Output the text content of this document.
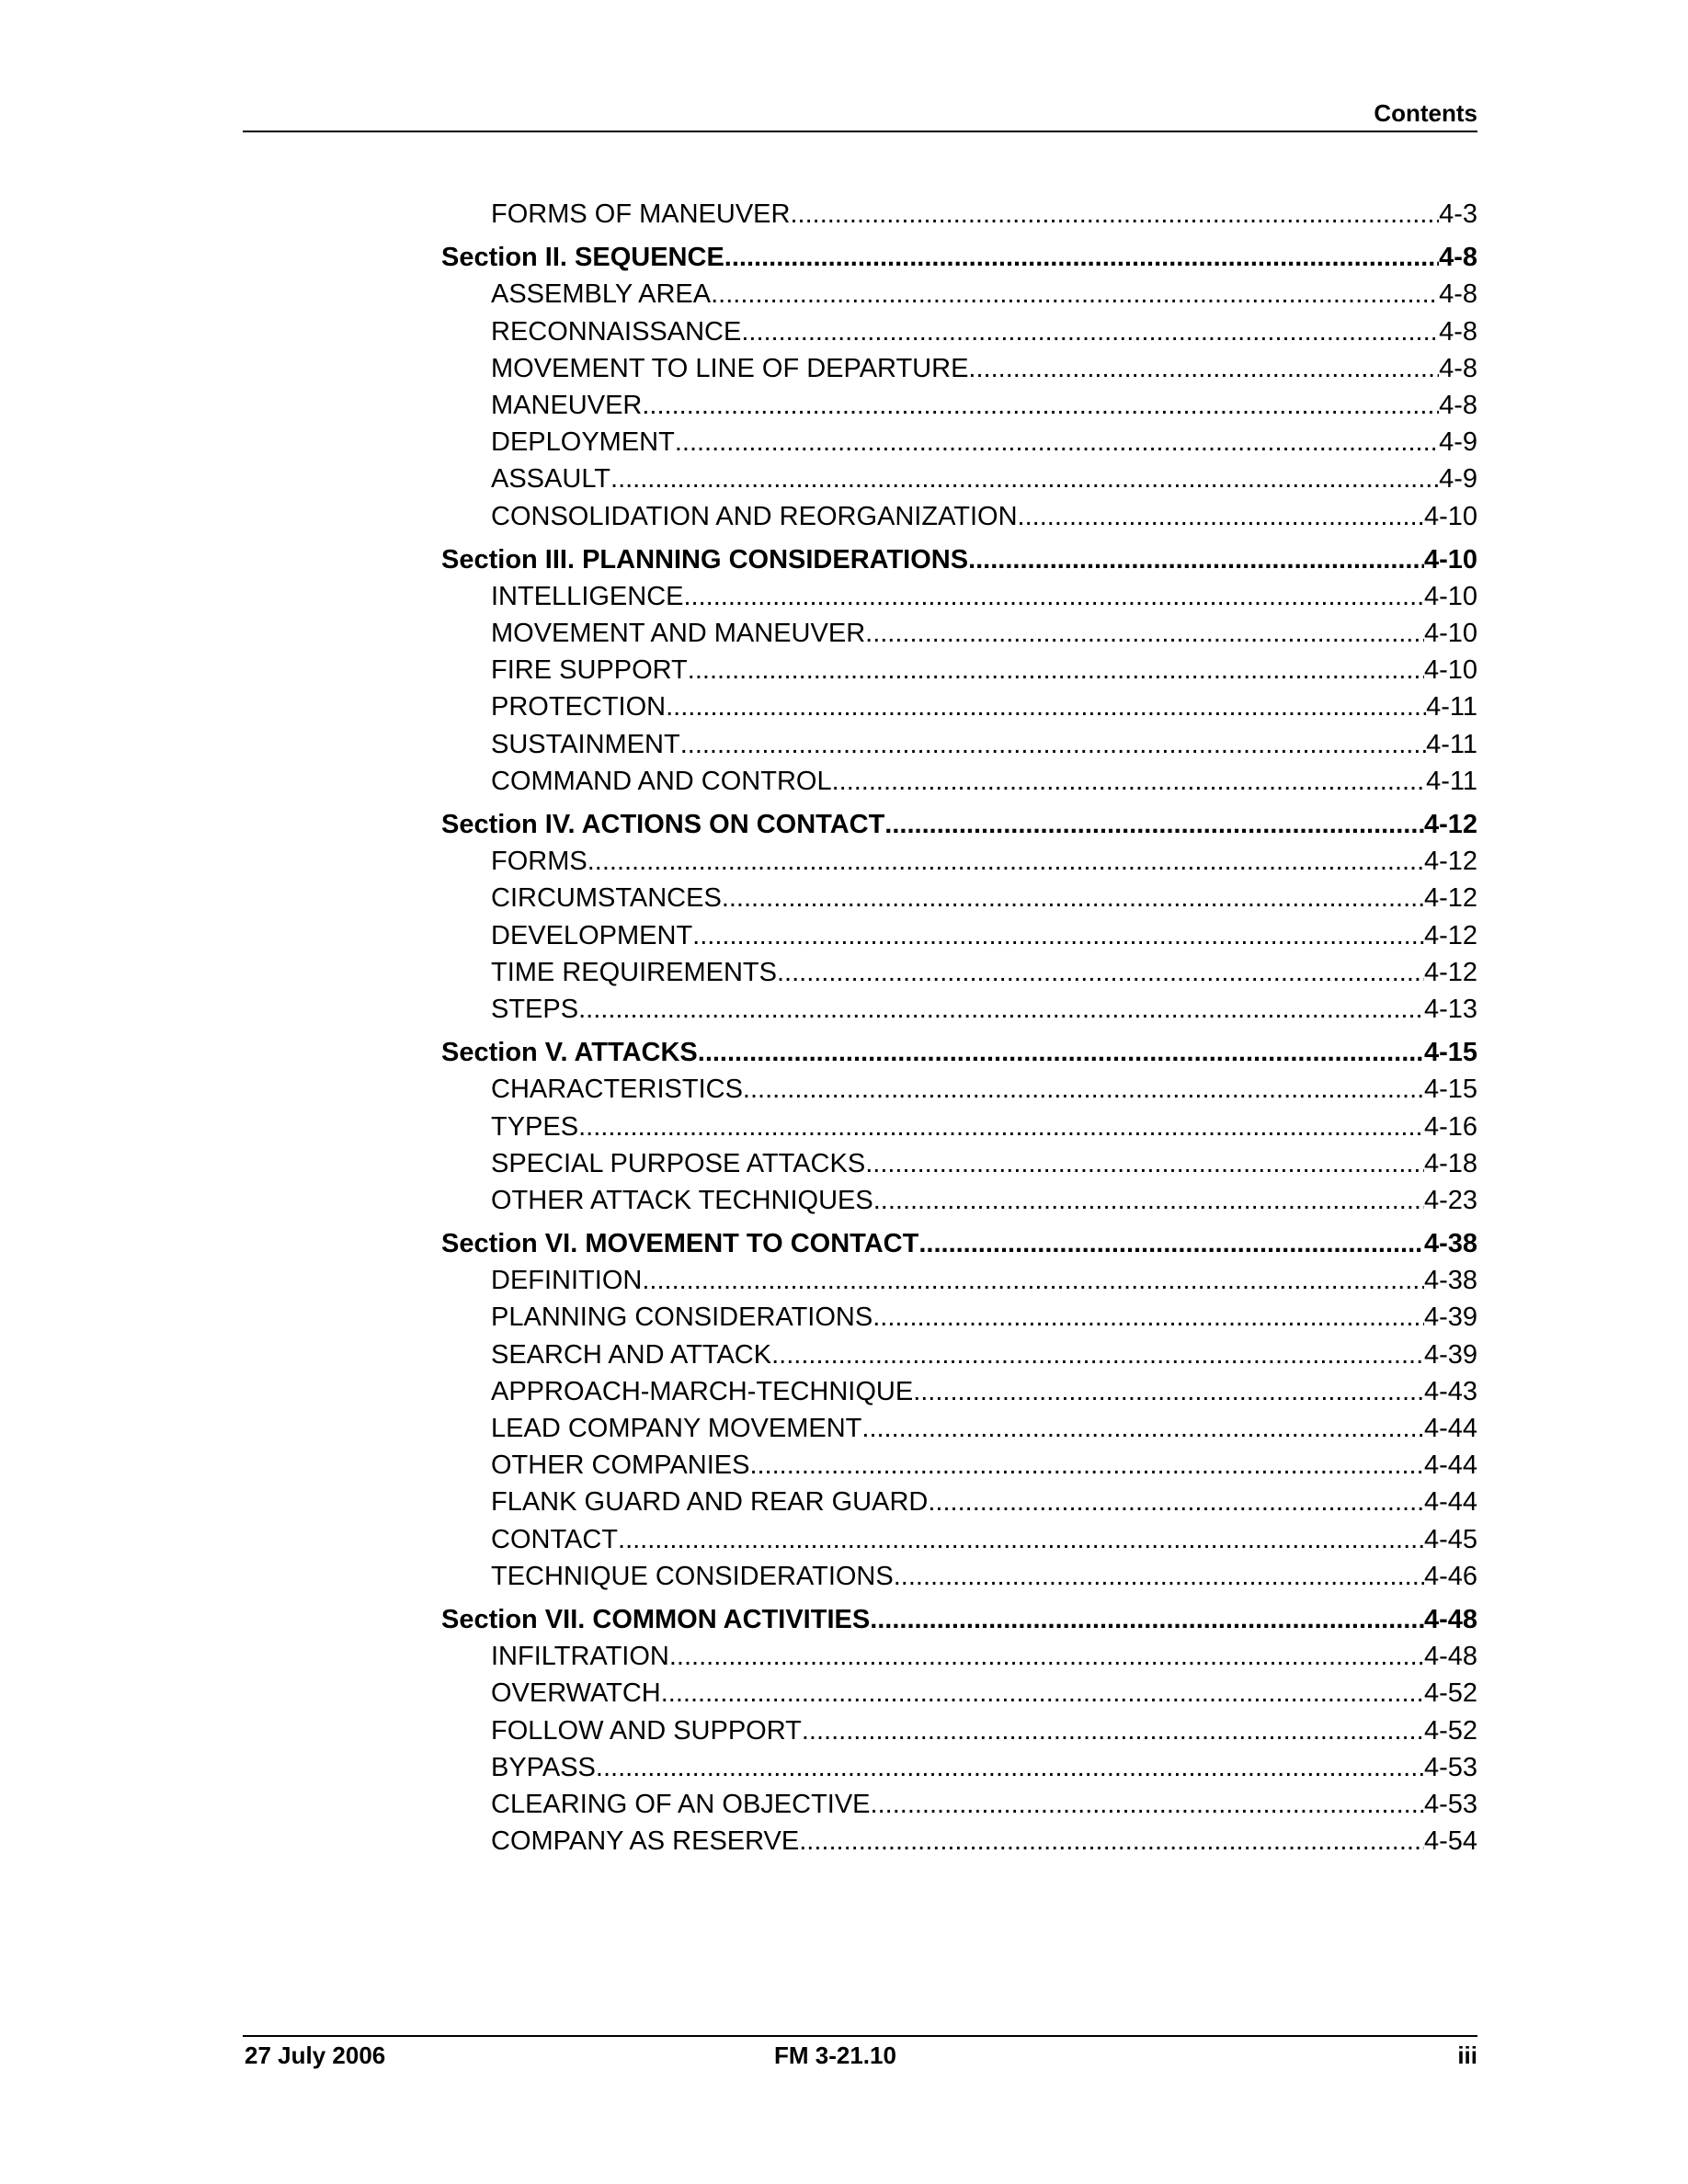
Contents
FORMS OF MANEUVER .....	4-3
Section II. SEQUENCE .....	4-8
ASSEMBLY AREA .....	4-8
RECONNAISSANCE .....	4-8
MOVEMENT TO LINE OF DEPARTURE .....	4-8
MANEUVER .....	4-8
DEPLOYMENT .....	4-9
ASSAULT .....	4-9
CONSOLIDATION AND REORGANIZATION .....	4-10
Section III. PLANNING CONSIDERATIONS .....	4-10
INTELLIGENCE .....	4-10
MOVEMENT AND MANEUVER .....	4-10
FIRE SUPPORT .....	4-10
PROTECTION .....	4-11
SUSTAINMENT .....	4-11
COMMAND AND CONTROL .....	4-11
Section IV. ACTIONS ON CONTACT .....	4-12
FORMS .....	4-12
CIRCUMSTANCES .....	4-12
DEVELOPMENT .....	4-12
TIME REQUIREMENTS .....	4-12
STEPS .....	4-13
Section V. ATTACKS .....	4-15
CHARACTERISTICS .....	4-15
TYPES .....	4-16
SPECIAL PURPOSE ATTACKS .....	4-18
OTHER ATTACK TECHNIQUES .....	4-23
Section VI. MOVEMENT TO CONTACT .....	4-38
DEFINITION .....	4-38
PLANNING CONSIDERATIONS .....	4-39
SEARCH AND ATTACK .....	4-39
APPROACH-MARCH-TECHNIQUE .....	4-43
LEAD COMPANY MOVEMENT .....	4-44
OTHER COMPANIES .....	4-44
FLANK GUARD AND REAR GUARD .....	4-44
CONTACT .....	4-45
TECHNIQUE CONSIDERATIONS .....	4-46
Section VII. COMMON ACTIVITIES .....	4-48
INFILTRATION .....	4-48
OVERWATCH .....	4-52
FOLLOW AND SUPPORT .....	4-52
BYPASS .....	4-53
CLEARING OF AN OBJECTIVE .....	4-53
COMPANY AS RESERVE .....	4-54
27 July 2006	FM 3-21.10	iii
